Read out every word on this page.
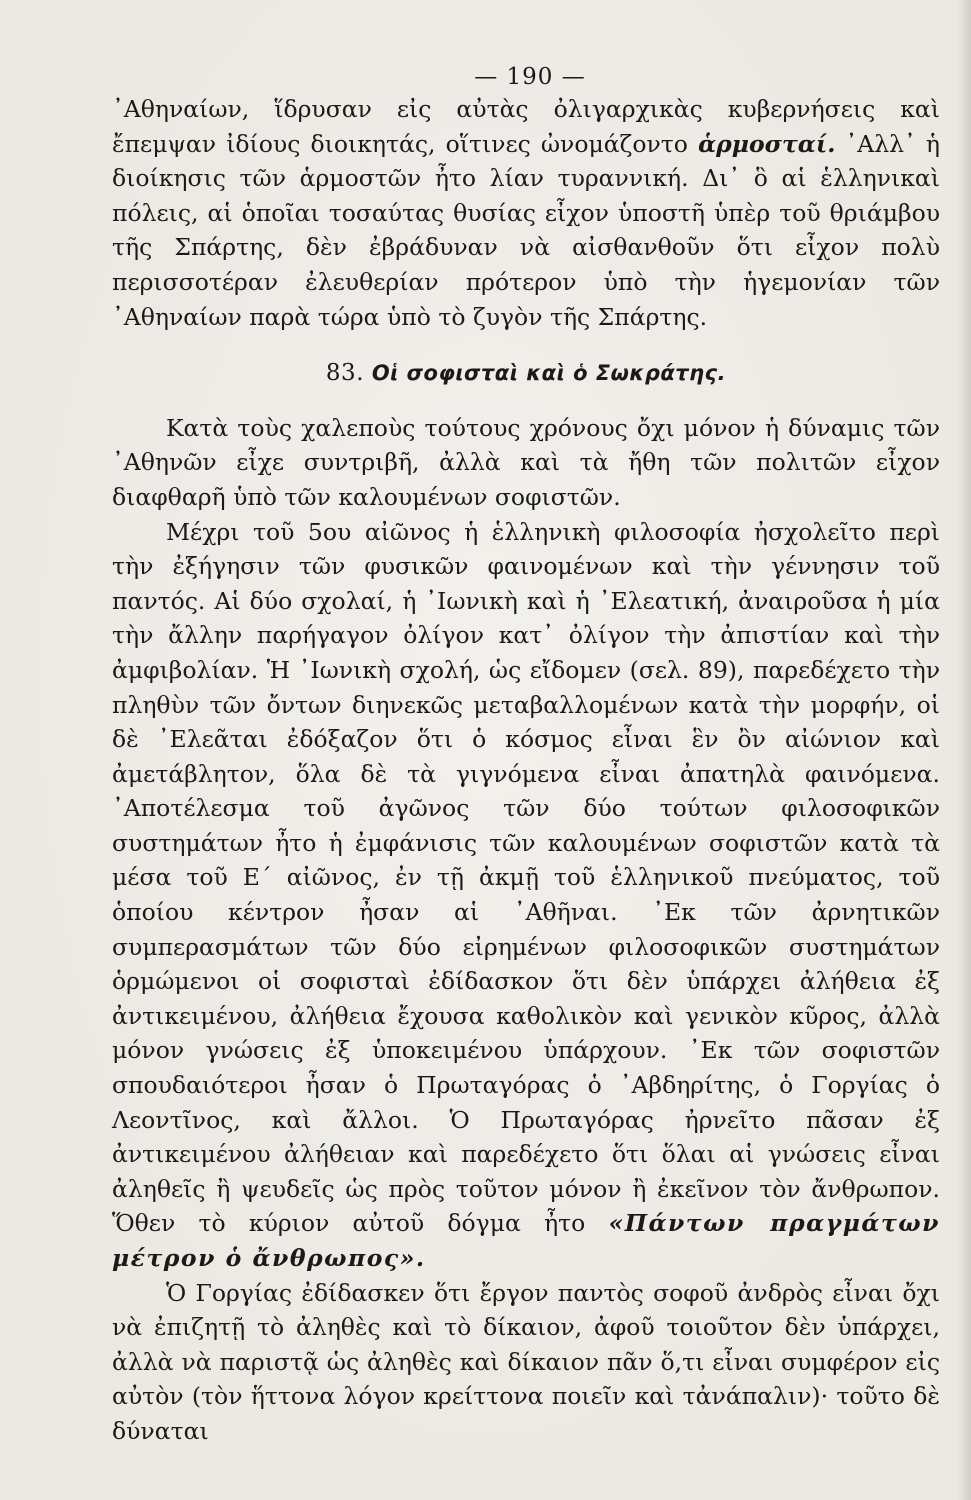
— 190 —

᾿Αθηναίων, ἵδρυσαν εἰς αὐτὰς ὀλιγαρχικὰς κυβερνήσεις καὶ ἔπεμψαν ἰδίους διοικητάς, οἵτινες ὠνομάζοντο ἁρμοσταί. ᾿Αλλ᾿ ἡ διοίκησις τῶν ἁρμοστῶν ἦτο λίαν τυραννική. Δι᾿ ὃ αἱ ἑλληνικαὶ πόλεις, αἱ ὁποῖαι τοσαύτας θυσίας εἶχον ὑποστῆ ὑπὲρ τοῦ θριάμβου τῆς Σπάρτης, δὲν ἐβράδυναν νὰ αἰσθανθοῦν ὅτι εἶχον πολὺ περισσοτέραν ἐλευθερίαν πρότερον ὑπὸ τὴν ἡγεμονίαν τῶν ᾿Αθηναίων παρὰ τώρα ὑπὸ τὸ ζυγὸν τῆς Σπάρτης.

83. Οἱ σοφισταὶ καὶ ὁ Σωκράτης.

Κατὰ τοὺς χαλεποὺς τούτους χρόνους ὄχι μόνον ἡ δύναμις τῶν ᾿Αθηνῶν εἶχε συντριβῆ, ἀλλὰ καὶ τὰ ἤθη τῶν πολιτῶν εἶχον διαφθαρῆ ὑπὸ τῶν καλουμένων σοφιστῶν.

Μέχρι τοῦ 5ου αἰῶνος ἡ ἑλληνικὴ φιλοσοφία ἠσχολεῖτο περὶ τὴν ἐξήγησιν τῶν φυσικῶν φαινομένων καὶ τὴν γέννησιν τοῦ παντός. Αἱ δύο σχολαί, ἡ ᾿Ιωνικὴ καὶ ἡ ᾿Ελεατική, ἀναιροῦσα ἡ μία τὴν ἄλλην παρήγαγον ὀλίγον κατ᾿ ὀλίγον τὴν ἀπιστίαν καὶ τὴν ἀμφιβολίαν. Ἡ ᾿Ιωνικὴ σχολή, ὡς εἴδομεν (σελ. 89), παρεδέχετο τὴν πληθὺν τῶν ὄντων διηνεκῶς μεταβαλλομένων κατὰ τὴν μορφήν, οἱ δὲ ᾿Ελεᾶται ἐδόξαζον ὅτι ὁ κόσμος εἶναι ἓν ὂν αἰώνιον καὶ ἀμετάβλητον, ὅλα δὲ τὰ γιγνόμενα εἶναι ἀπατηλὰ φαινόμενα. ᾿Αποτέλεσμα τοῦ ἀγῶνος τῶν δύο τούτων φιλοσοφικῶν συστημάτων ἦτο ἡ ἐμφάνισις τῶν καλουμένων σοφιστῶν κατὰ τὰ μέσα τοῦ Ε΄ αἰῶνος, ἐν τῇ ἀκμῇ τοῦ ἑλληνικοῦ πνεύματος, τοῦ ὁποίου κέντρον ἦσαν αἱ ᾿Αθῆναι. ᾿Εκ τῶν ἀρνητικῶν συμπερασμάτων τῶν δύο εἰρημένων φιλοσοφικῶν συστημάτων ὁρμώμενοι οἱ σοφισταὶ ἐδίδασκον ὅτι δὲν ὑπάρχει ἀλήθεια ἐξ ἀντικειμένου, ἀλήθεια ἔχουσα καθολικὸν καὶ γενικὸν κῦρος, ἀλλὰ μόνον γνώσεις ἐξ ὑποκειμένου ὑπάρχουν. ᾿Εκ τῶν σοφιστῶν σπουδαιότεροι ἦσαν ὁ Πρωταγόρας ὁ ᾿Αβδηρίτης, ὁ Γοργίας ὁ Λεοντῖνος, καὶ ἄλλοι. Ὁ Πρωταγόρας ἠρνεῖτο πᾶσαν ἐξ ἀντικειμένου ἀλήθειαν καὶ παρεδέχετο ὅτι ὅλαι αἱ γνώσεις εἶναι ἀληθεῖς ἢ ψευδεῖς ὡς πρὸς τοῦτον μόνον ἢ ἐκεῖνον τὸν ἄνθρωπον. Ὅθεν τὸ κύριον αὐτοῦ δόγμα ἦτο «Πάντων πραγμάτων μέτρον ὁ ἄνθρωπος».

Ὁ Γοργίας ἐδίδασκεν ὅτι ἔργον παντὸς σοφοῦ ἀνδρὸς εἶναι ὄχι νὰ ἐπιζητῇ τὸ ἀληθὲς καὶ τὸ δίκαιον, ἀφοῦ τοιοῦτον δὲν ὑπάρχει, ἀλλὰ νὰ παριστᾷ ὡς ἀληθὲς καὶ δίκαιον πᾶν ὅ,τι εἶναι συμφέρον εἰς αὐτὸν (τὸν ἥττονα λόγον κρείττονα ποιεῖν καὶ τἀνάπαλιν)· τοῦτο δὲ δύναται
